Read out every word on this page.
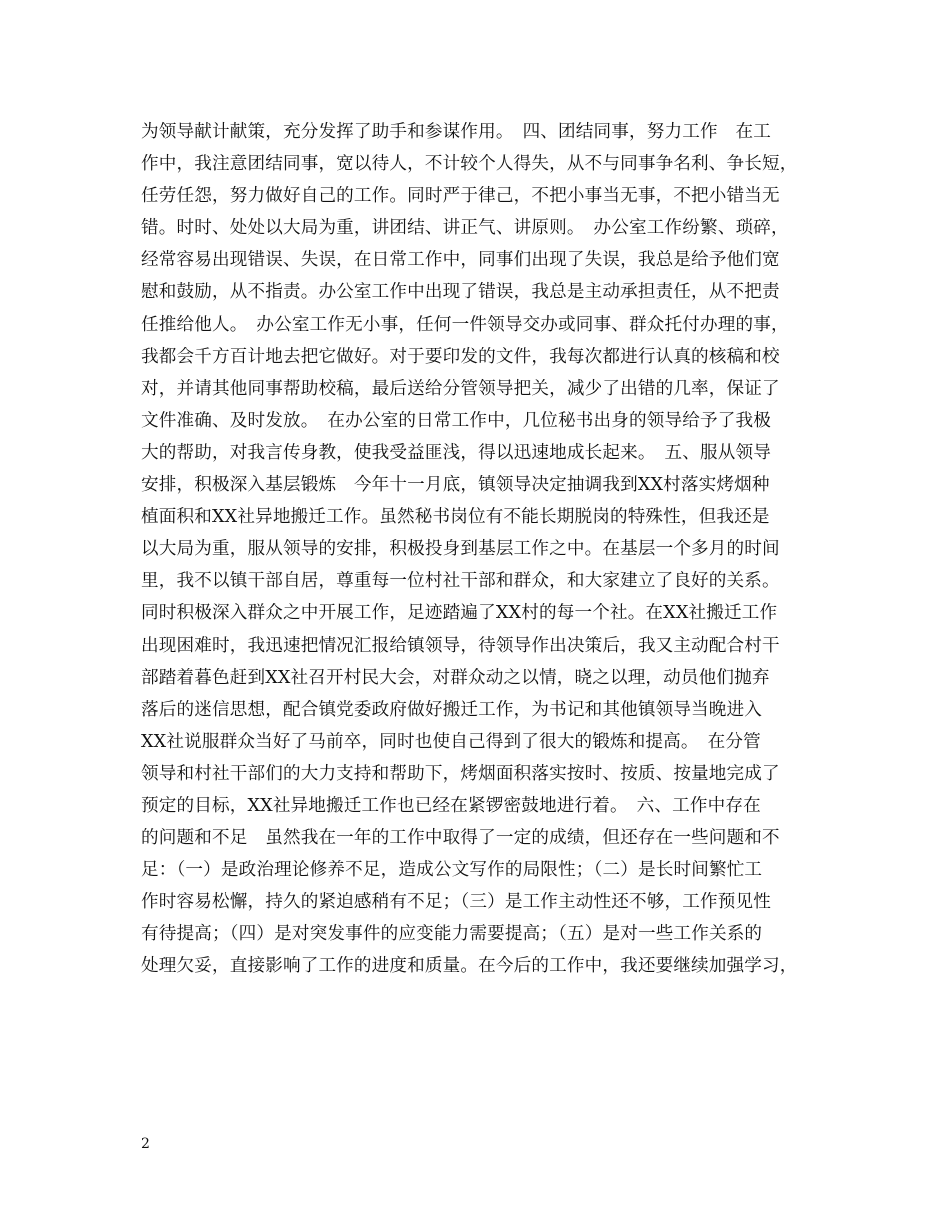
为领导献计献策，充分发挥了助手和参谋作用。　四、团结同事，努力工作　在工
作中，我注意团结同事，宽以待人，不计较个人得失，从不与同事争名利、争长短，
任劳任怨，努力做好自己的工作。同时严于律己，不把小事当无事，不把小错当无
错。时时、处处以大局为重，讲团结、讲正气、讲原则。　办公室工作纷繁、琐碎，
经常容易出现错误、失误，在日常工作中，同事们出现了失误，我总是给予他们宽
慰和鼓励，从不指责。办公室工作中出现了错误，我总是主动承担责任，从不把责
任推给他人。　办公室工作无小事，任何一件领导交办或同事、群众托付办理的事，
我都会千方百计地去把它做好。对于要印发的文件，我每次都进行认真的核稿和校
对，并请其他同事帮助校稿，最后送给分管领导把关，减少了出错的几率，保证了
文件准确、及时发放。　在办公室的日常工作中，几位秘书出身的领导给予了我极
大的帮助，对我言传身教，使我受益匪浅，得以迅速地成长起来。　五、服从领导
安排，积极深入基层锻炼　今年十一月底，镇领导决定抽调我到XX村落实烤烟种
植面积和XX社异地搬迁工作。虽然秘书岗位有不能长期脱岗的特殊性，但我还是
以大局为重，服从领导的安排，积极投身到基层工作之中。在基层一个多月的时间
里，我不以镇干部自居，尊重每一位村社干部和群众，和大家建立了良好的关系。
同时积极深入群众之中开展工作，足迹踏遍了XX村的每一个社。在XX社搬迁工作
出现困难时，我迅速把情况汇报给镇领导，待领导作出决策后，我又主动配合村干
部踏着暮色赶到XX社召开村民大会，对群众动之以情，晓之以理，动员他们抛弃
落后的迷信思想，配合镇党委政府做好搬迁工作，为书记和其他镇领导当晚进入
XX社说服群众当好了马前卒，同时也使自己得到了很大的锻炼和提高。　在分管
领导和村社干部们的大力支持和帮助下，烤烟面积落实按时、按质、按量地完成了
预定的目标，XX社异地搬迁工作也已经在紧锣密鼓地进行着。　六、工作中存在
的问题和不足　虽然我在一年的工作中取得了一定的成绩，但还存在一些问题和不
足：（一）是政治理论修养不足，造成公文写作的局限性；（二）是长时间繁忙工
作时容易松懈，持久的紧迫感稍有不足；（三）是工作主动性还不够，工作预见性
有待提高；（四）是对突发事件的应变能力需要提高；（五）是对一些工作关系的
处理欠妥，直接影响了工作的进度和质量。在今后的工作中，我还要继续加强学习，
2
